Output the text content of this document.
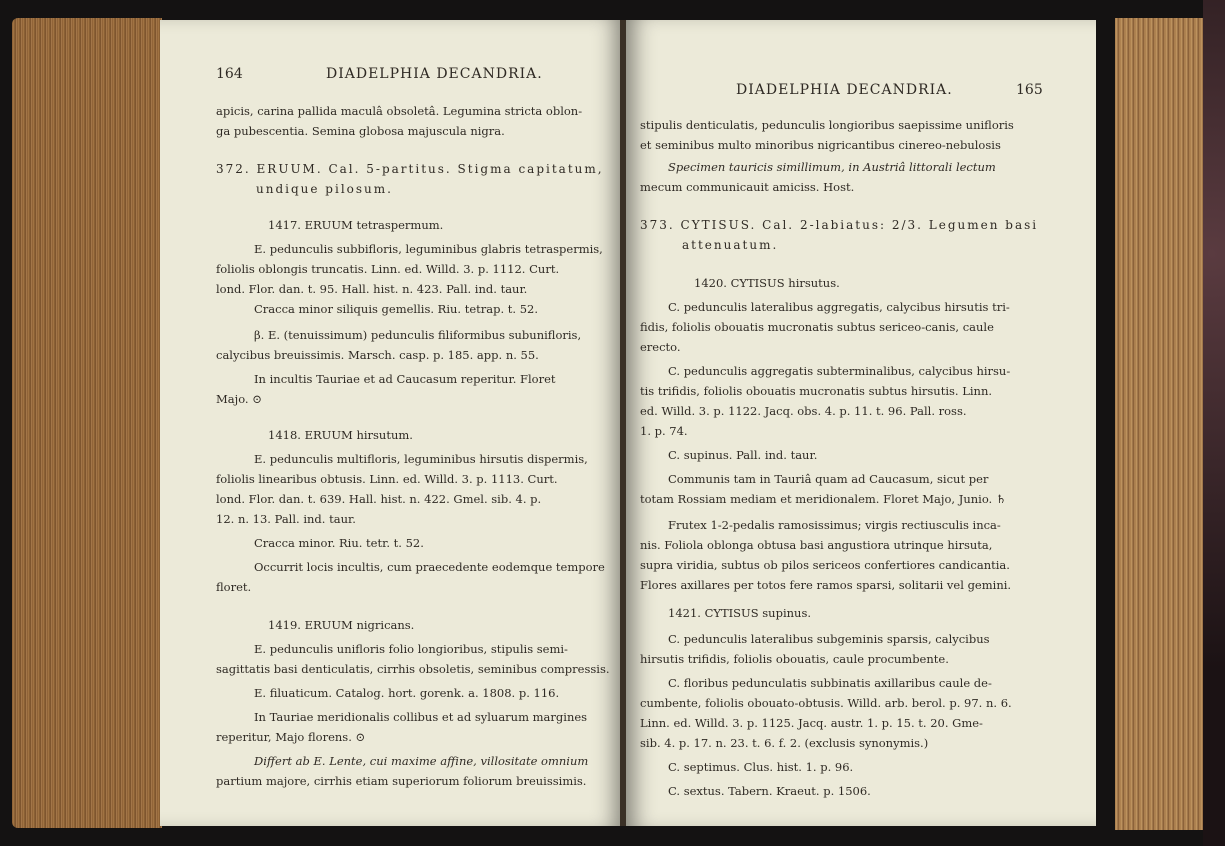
164	DIADELPHIA DECANDRIA.
apicis, carina pallida maculâ obsoletâ. Legumina stricta oblon-
ga pubescentia. Semina globosa majuscula nigra.
372. ERUUM. Cal. 5-partitus. Stigma capitatum,
undique pilosum.
1417. ERUUM tetraspermum.
E. pedunculis subbifloris, leguminibus glabris tetraspermis,
foliolis oblongis truncatis. Linn. ed. Willd. 3. p. 1112. Curt.
lond. Flor. dan. t. 95. Hall. hist. n. 423. Pall. ind. taur.
Cracca minor siliquis gemellis. Riu. tetrap. t. 52.
β. E. (tenuissimum) pedunculis filiformibus subunifloris,
calycibus breuissimis. Marsch. casp. p. 185. app. n. 55.
In incultis Tauriae et ad Caucasum reperitur. Floret
Majo. ⊙
1418. ERUUM hirsutum.
E. pedunculis multifloris, leguminibus hirsutis dispermis,
foliolis linearibus obtusis. Linn. ed. Willd. 3. p. 1113. Curt.
lond. Flor. dan. t. 639. Hall. hist. n. 422. Gmel. sib. 4. p.
12. n. 13. Pall. ind. taur.
Cracca minor. Riu. tetr. t. 52.
Occurrit locis incultis, cum praecedente eodemque tempore
floret.
1419. ERUUM nigricans.
E. pedunculis unifloris folio longioribus, stipulis semi-
sagittatis basi denticulatis, cirrhis obsoletis, seminibus compressis.
E. filuaticum. Catalog. hort. gorenk. a. 1808. p. 116.
In Tauriae meridionalis collibus et ad syluarum margines
reperitur, Majo florens. ⊙
Differt ab E. Lente, cui maxime affine, villositate omnium
partium majore, cirrhis etiam superiorum foliorum breuissimis.
DIADELPHIA DECANDRIA.	165
stipulis denticulatis, pedunculis longioribus saepissime unifloris
et seminibus multo minoribus nigricantibus cinereo-nebulosis
Specimen tauricis simillimum, in Austriâ littorali lectum
mecum communicauit amiciss. Host.
373. CYTISUS. Cal. 2-labiatus: 2/3. Legumen basi
attenuatum.
1420. CYTISUS hirsutus.
C. pedunculis lateralibus aggregatis, calycibus hirsutis tri-
fidis, foliolis obouatis mucronatis subtus sericeo-canis, caule
erecto.
C. pedunculis aggregatis subterminalibus, calycibus hirsu-
tis trifidis, foliolis obouatis mucronatis subtus hirsutis. Linn.
ed. Willd. 3. p. 1122. Jacq. obs. 4. p. 11. t. 96. Pall. ross.
1. p. 74.
C. supinus. Pall. ind. taur.
Communis tam in Tauriâ quam ad Caucasum, sicut per
totam Rossiam mediam et meridionalem. Floret Majo, Junio. ♄
Frutex 1-2-pedalis ramosissimus; virgis rectiusculis inca-
nis. Foliola oblonga obtusa basi angustiora utrinque hirsuta,
supra viridia, subtus ob pilos sericeos confertiores candicantia.
Flores axillares per totos fere ramos sparsi, solitarii vel gemini.
1421. CYTISUS supinus.
C. pedunculis lateralibus subgeminis sparsis, calycibus
hirsutis trifidis, foliolis obouatis, caule procumbente.
C. floribus pedunculatis subbinatis axillaribus caule de-
cumbente, foliolis obouato-obtusis. Willd. arb. berol. p. 97. n. 6.
Linn. ed. Willd. 3. p. 1125. Jacq. austr. 1. p. 15. t. 20. Gme-
sib. 4. p. 17. n. 23. t. 6. f. 2. (exclusis synonymis.)
C. septimus. Clus. hist. 1. p. 96.
C. sextus. Tabern. Kraeut. p. 1506.
